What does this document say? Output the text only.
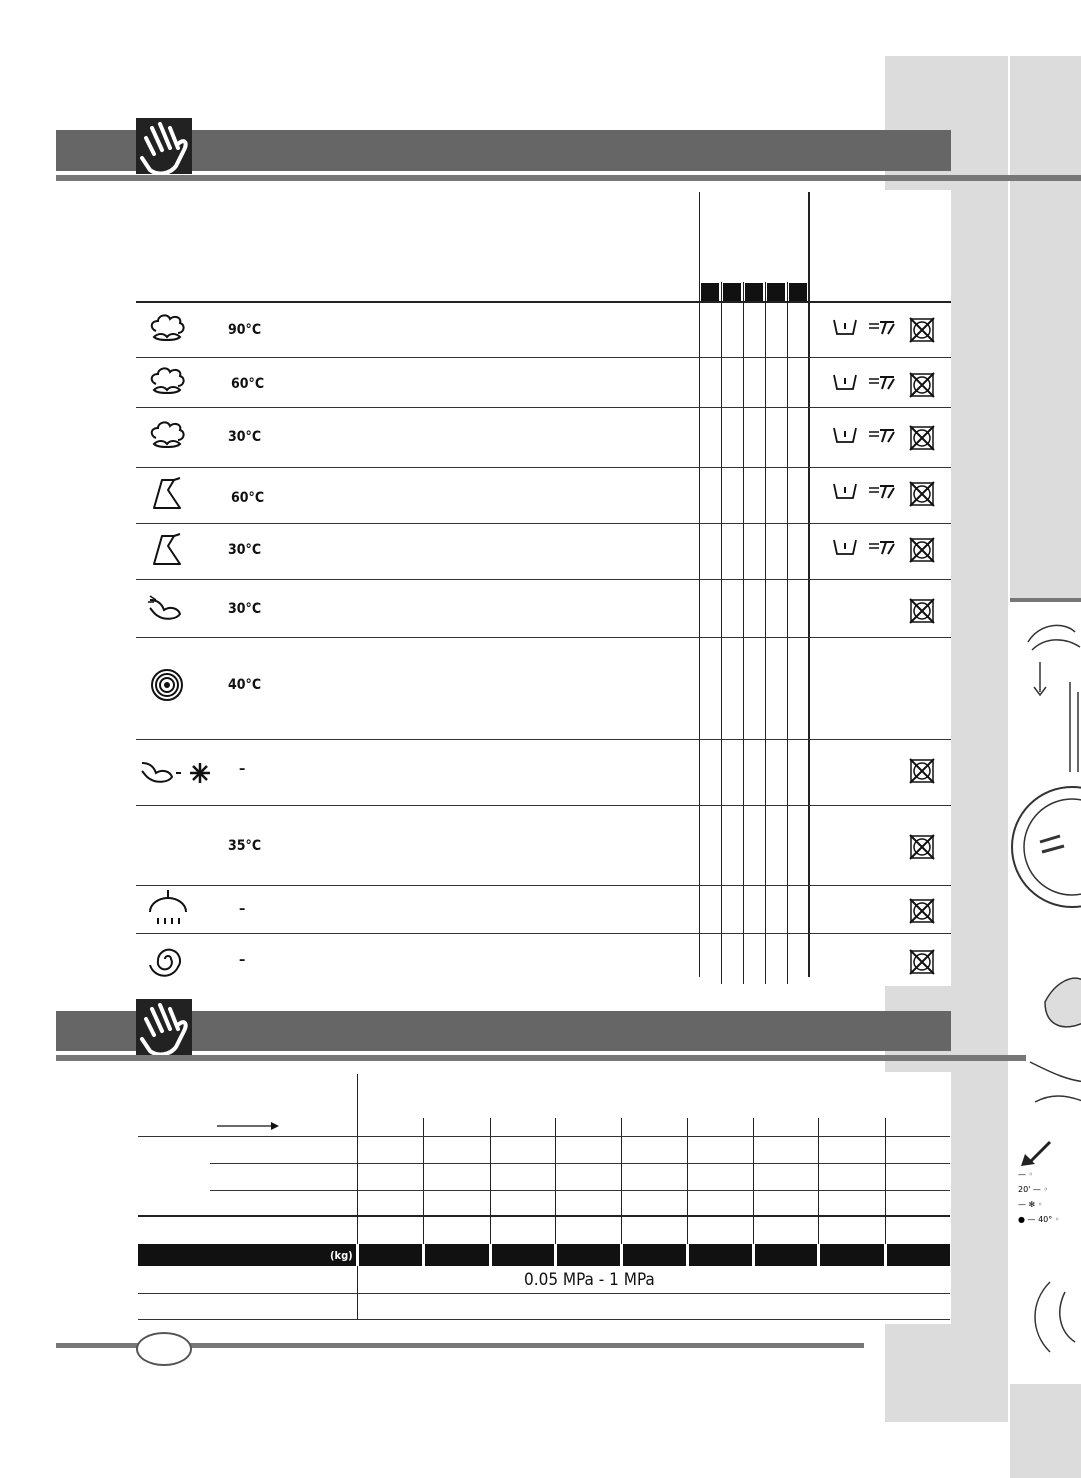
— ◦
20' — ◦
— ✻ ◦
● — 40° ◦
90°C
60°C
30°C
60°C
30°C
30°C
40°C
–
35°C
–
–
(kg)
0.05 MPa - 1 MPa
